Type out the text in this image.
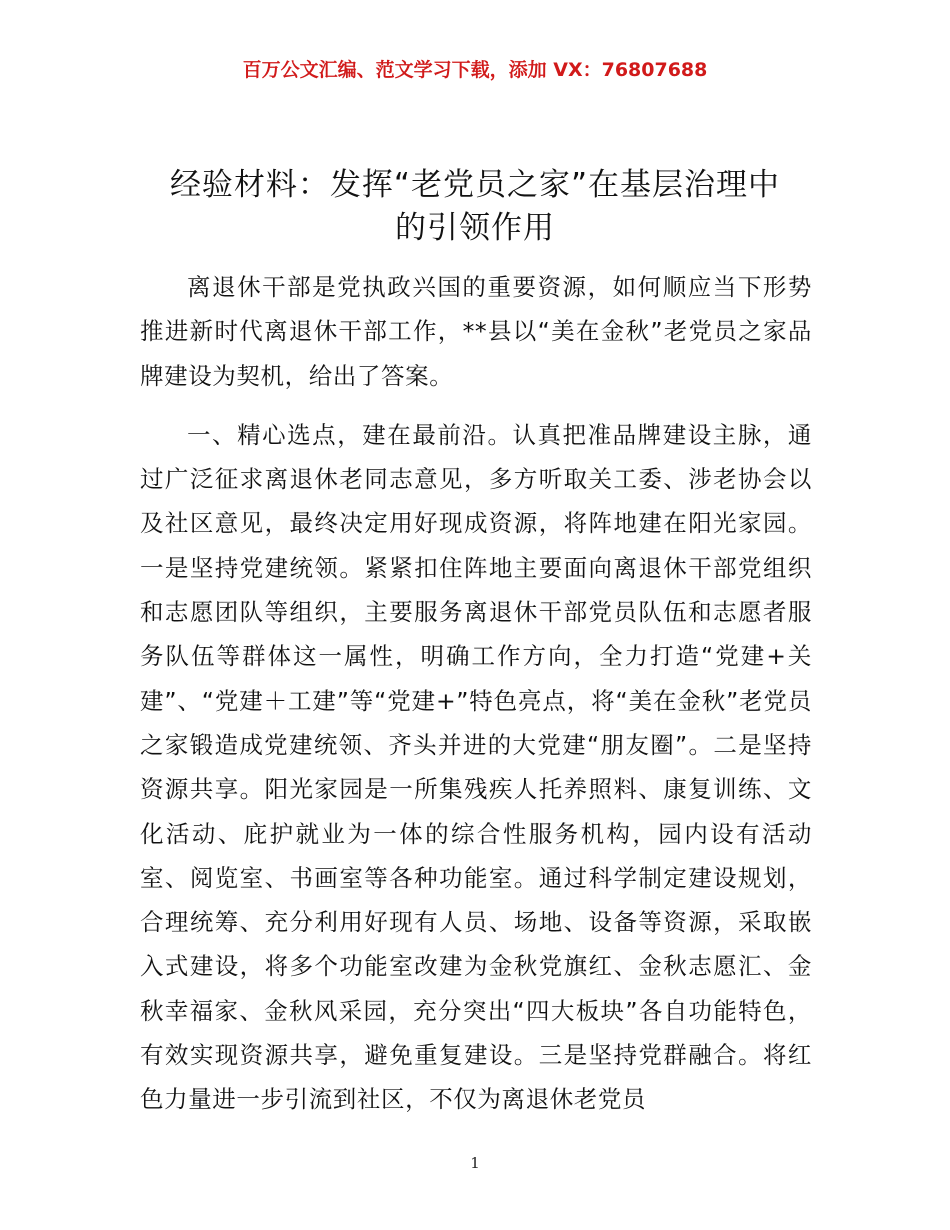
百万公文汇编、范文学习下载，添加 VX：76807688
经验材料：发挥“老党员之家”在基层治理中
的引领作用

离退休干部是党执政兴国的重要资源，如何顺应当下形势推进新时代离退休干部工作，**县以“美在金秋”老党员之家品牌建设为契机，给出了答案。

一、精心选点，建在最前沿。认真把准品牌建设主脉，通过广泛征求离退休老同志意见，多方听取关工委、涉老协会以及社区意见，最终决定用好现成资源，将阵地建在阳光家园。一是坚持党建统领。紧紧扣住阵地主要面向离退休干部党组织和志愿团队等组织，主要服务离退休干部党员队伍和志愿者服务队伍等群体这一属性，明确工作方向，全力打造“党建+关建”、“党建＋工建”等“党建+”特色亮点，将“美在金秋”老党员之家锻造成党建统领、齐头并进的大党建“朋友圈”。二是坚持资源共享。阳光家园是一所集残疾人托养照料、康复训练、文化活动、庇护就业为一体的综合性服务机构，园内设有活动室、阅览室、书画室等各种功能室。通过科学制定建设规划，合理统筹、充分利用好现有人员、场地、设备等资源，采取嵌入式建设，将多个功能室改建为金秋党旗红、金秋志愿汇、金秋幸福家、金秋风采园，充分突出“四大板块”各自功能特色，有效实现资源共享，避免重复建设。三是坚持党群融合。将红色力量进一步引流到社区，不仅为离退休老党员

1
